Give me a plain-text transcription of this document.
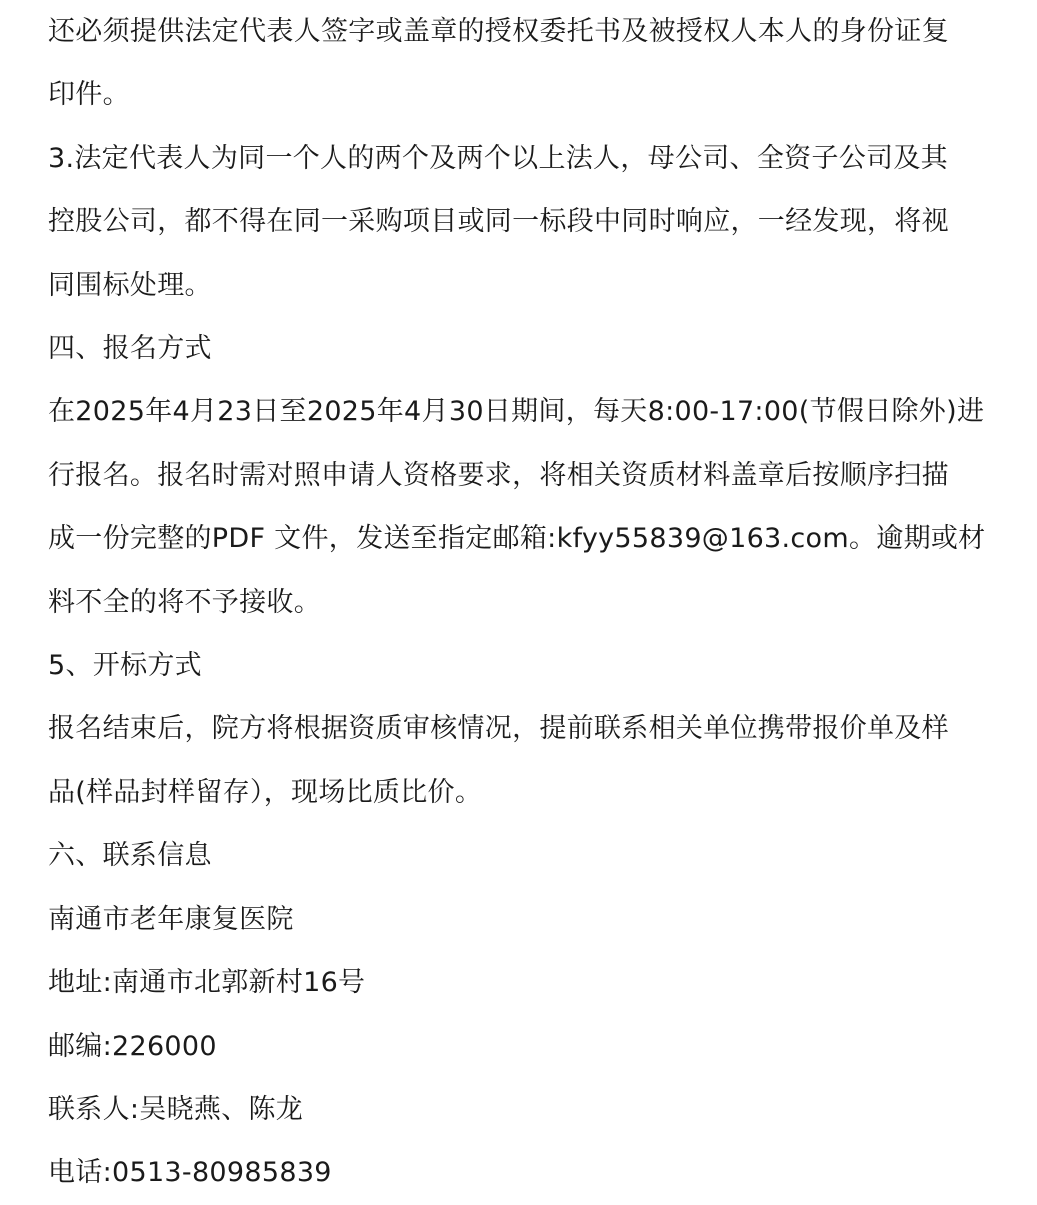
还必须提供法定代表人签字或盖章的授权委托书及被授权人本人的身份证复

印件。

3.法定代表人为同一个人的两个及两个以上法人，母公司、全资子公司及其

控股公司，都不得在同一采购项目或同一标段中同时响应，一经发现，将视

同围标处理。

四、报名方式

在2025年4月23日至2025年4月30日期间，每天8:00-17:00(节假日除外)进

行报名。报名时需对照申请人资格要求，将相关资质材料盖章后按顺序扫描

成一份完整的PDF 文件，发送至指定邮箱:kfyy55839@163.com。逾期或材

料不全的将不予接收。

5、开标方式

报名结束后，院方将根据资质审核情况，提前联系相关单位携带报价单及样

品(样品封样留存），现场比质比价。

六、联系信息

南通市老年康复医院

地址:南通市北郭新村16号

邮编:226000

联系人:吴晓燕、陈龙

电话:0513-80985839
